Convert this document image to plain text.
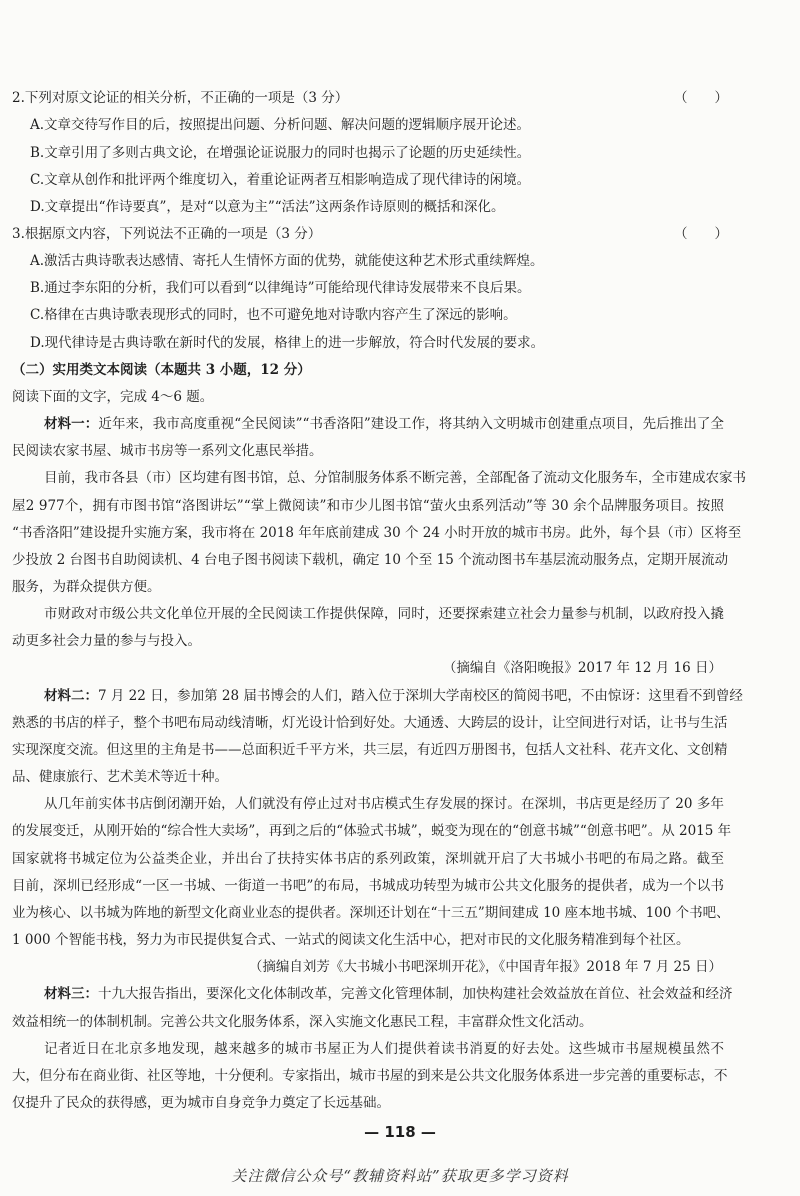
2.下列对原文论证的相关分析，不正确的一项是（3 分）	（　　）
A.文章交待写作目的后，按照提出问题、分析问题、解决问题的逻辑顺序展开论述。
B.文章引用了多则古典文论，在增强论证说服力的同时也揭示了论题的历史延续性。
C.文章从创作和批评两个维度切入，着重论证两者互相影响造成了现代律诗的闲境。
D.文章提出“作诗要真”，是对“以意为主”“活法”这两条作诗原则的概括和深化。
3.根据原文内容，下列说法不正确的一项是（3 分）	（　　）
A.激活古典诗歌表达感情、寄托人生情怀方面的优势，就能使这种艺术形式重续辉煌。
B.通过李东阳的分析，我们可以看到“以律绳诗”可能给现代律诗发展带来不良后果。
C.格律在古典诗歌表现形式的同时，也不可避免地对诗歌内容产生了深远的影响。
D.现代律诗是古典诗歌在新时代的发展，格律上的进一步解放，符合时代发展的要求。
（二）实用类文本阅读（本题共 3 小题，12 分）
阅读下面的文字，完成 4～6 题。
材料一：近年来，我市高度重视“全民阅读”“书香洛阳”建设工作，将其纳入文明城市创建重点项目，先后推出了全
民阅读农家书屋、城市书房等一系列文化惠民举措。
目前，我市各县（市）区均建有图书馆，总、分馆制服务体系不断完善，全部配备了流动文化服务车，全市建成农家书
屋2 977个，拥有市图书馆“洛图讲坛”“掌上微阅读”和市少儿图书馆“萤火虫系列活动”等 30 余个品牌服务项目。按照
“书香洛阳”建设提升实施方案，我市将在 2018 年年底前建成 30 个 24 小时开放的城市书房。此外，每个县（市）区将至
少投放 2 台图书自助阅读机、4 台电子图书阅读下载机，确定 10 个至 15 个流动图书车基层流动服务点，定期开展流动
服务，为群众提供方便。
市财政对市级公共文化单位开展的全民阅读工作提供保障，同时，还要探索建立社会力量参与机制，以政府投入撬
动更多社会力量的参与与投入。
（摘编自《洛阳晚报》2017 年 12 月 16 日）
材料二：7 月 22 日，参加第 28 届书博会的人们，踏入位于深圳大学南校区的简阅书吧，不由惊讶：这里看不到曾经
熟悉的书店的样子，整个书吧布局动线清晰，灯光设计恰到好处。大通透、大跨层的设计，让空间进行对话，让书与生活
实现深度交流。但这里的主角是书——总面积近千平方米，共三层，有近四万册图书，包括人文社科、花卉文化、文创精
品、健康旅行、艺术美术等近十种。
从几年前实体书店倒闭潮开始，人们就没有停止过对书店模式生存发展的探讨。在深圳，书店更是经历了 20 多年
的发展变迁，从刚开始的“综合性大卖场”，再到之后的“体验式书城”，蜕变为现在的“创意书城”“创意书吧”。从 2015 年
国家就将书城定位为公益类企业，并出台了扶持实体书店的系列政策，深圳就开启了大书城小书吧的布局之路。截至
目前，深圳已经形成“一区一书城、一街道一书吧”的布局，书城成功转型为城市公共文化服务的提供者，成为一个以书
业为核心、以书城为阵地的新型文化商业业态的提供者。深圳还计划在“十三五”期间建成 10 座本地书城、100 个书吧、
1 000 个智能书栈，努力为市民提供复合式、一站式的阅读文化生活中心，把对市民的文化服务精准到每个社区。
（摘编自刘芳《大书城小书吧深圳开花》，《中国青年报》2018 年 7 月 25 日）
材料三：十九大报告指出，要深化文化体制改革，完善文化管理体制，加快构建社会效益放在首位、社会效益和经济
效益相统一的体制机制。完善公共文化服务体系，深入实施文化惠民工程，丰富群众性文化活动。
记者近日在北京多地发现，越来越多的城市书屋正为人们提供着读书消夏的好去处。这些城市书屋规模虽然不
大，但分布在商业街、社区等地，十分便利。专家指出，城市书屋的到来是公共文化服务体系进一步完善的重要标志，不
仅提升了民众的获得感，更为城市自身竞争力奠定了长远基础。
— 118 —
关注微信公众号“教辅资料站”获取更多学习资料
